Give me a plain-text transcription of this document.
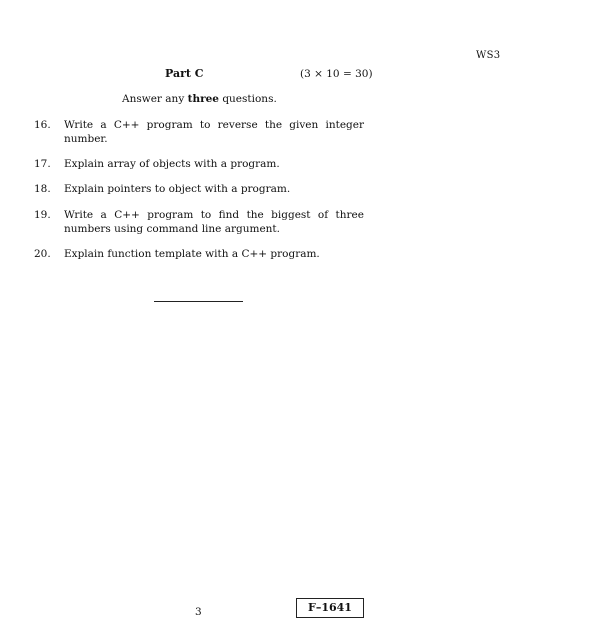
WS3
Part C	(3 × 10 = 30)
Answer any three questions.
16.	Write a C++ program to reverse the given integer number.
17.	Explain array of objects with a program.
18.	Explain pointers to object with a program.
19.	Write a C++ program to find the biggest of three numbers using command line argument.
20.	Explain function template with a C++ program.
3	F–1641
